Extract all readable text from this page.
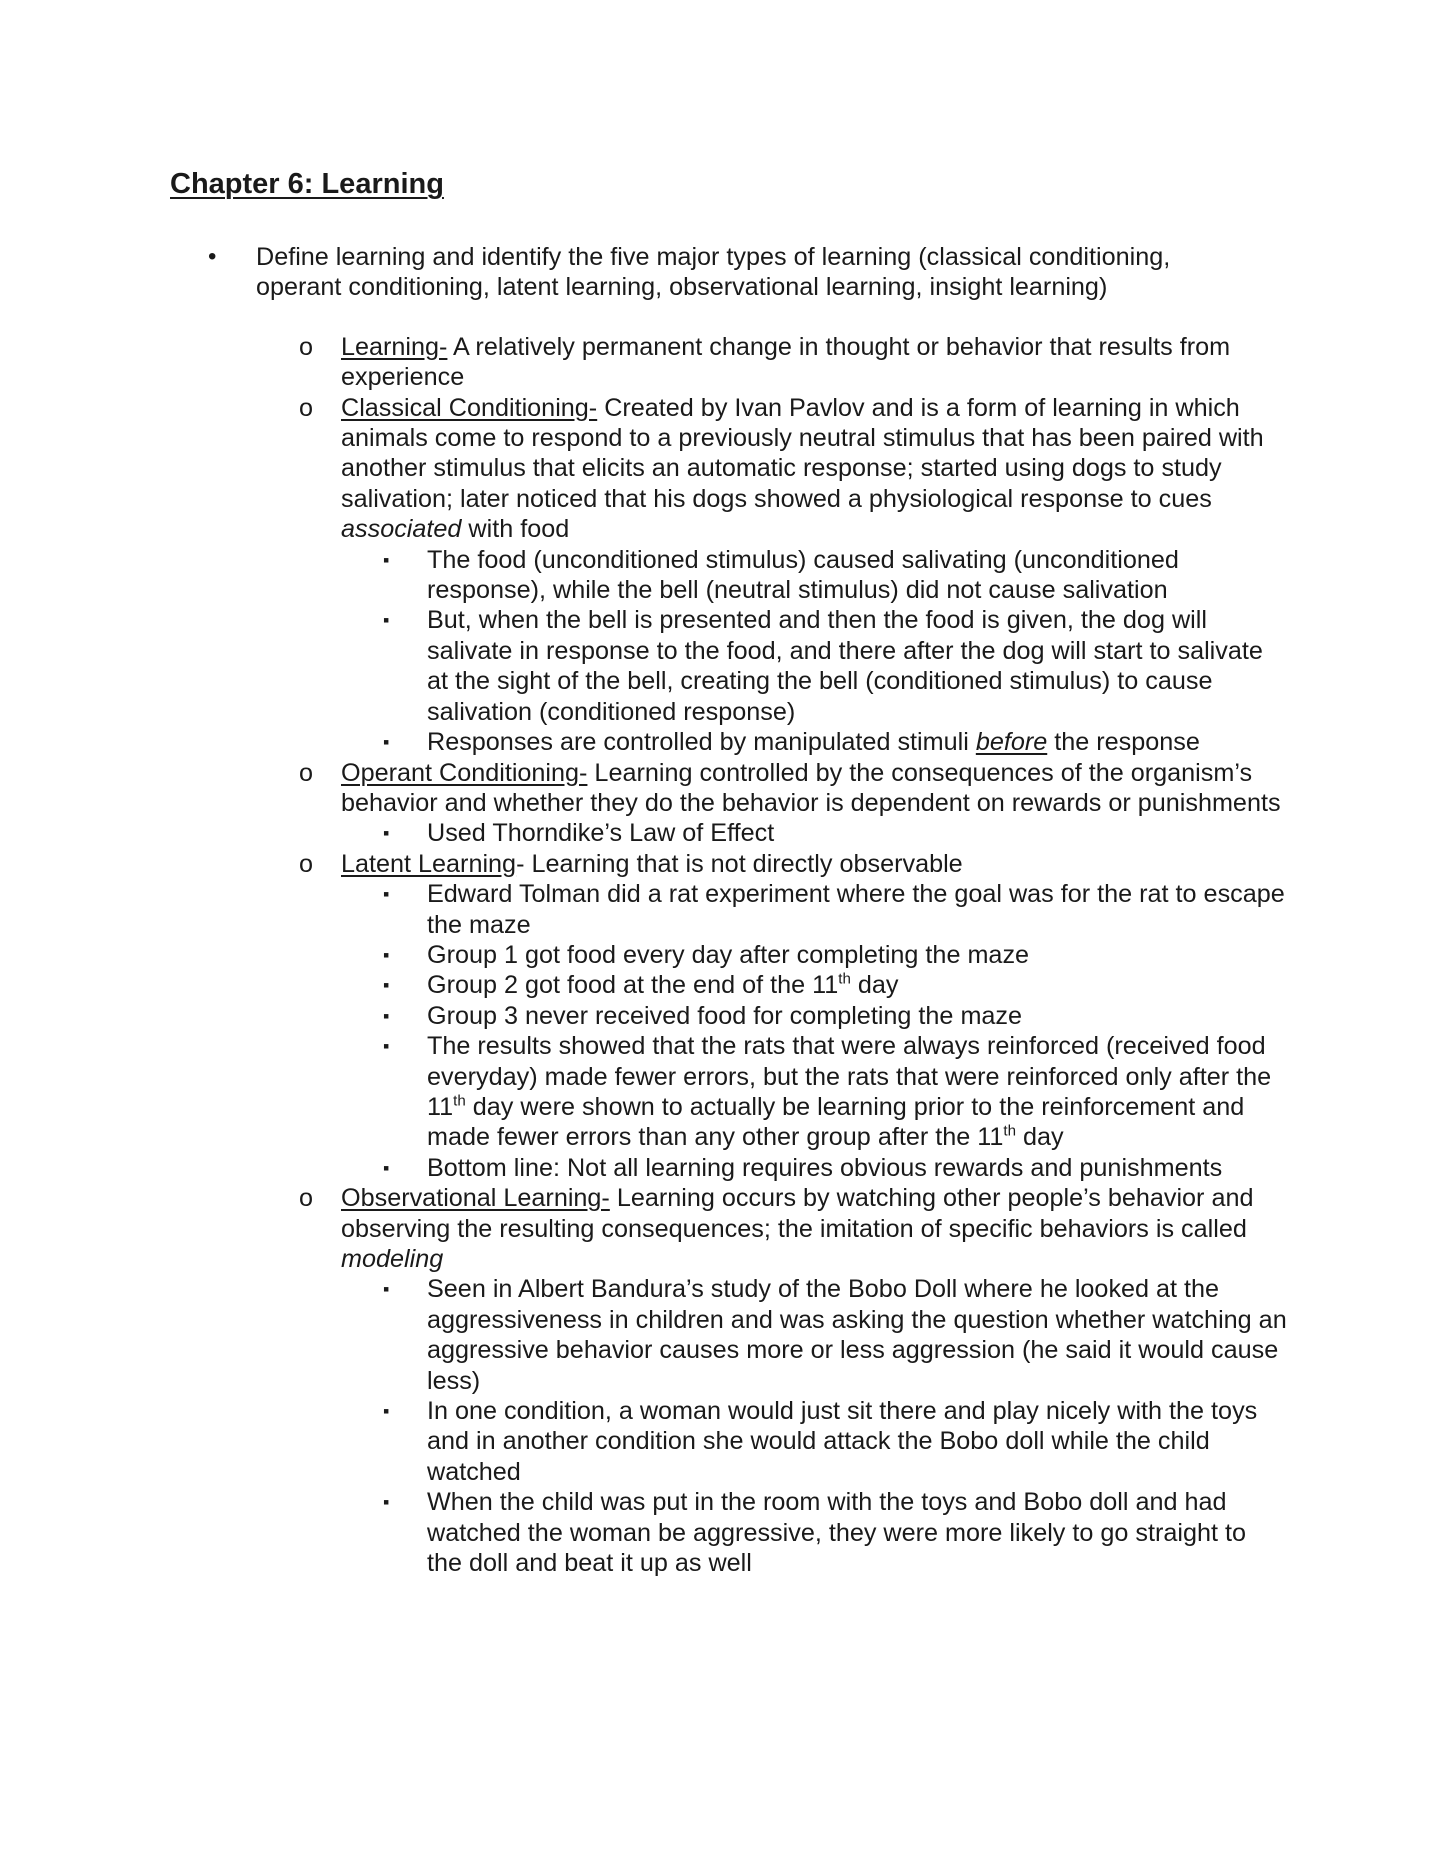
Chapter 6: Learning
• Define learning and identify the five major types of learning (classical conditioning, operant conditioning, latent learning, observational learning, insight learning)
o Learning- A relatively permanent change in thought or behavior that results from experience
o Classical Conditioning- Created by Ivan Pavlov and is a form of learning in which animals come to respond to a previously neutral stimulus that has been paired with another stimulus that elicits an automatic response; started using dogs to study salivation; later noticed that his dogs showed a physiological response to cues associated with food
▪ The food (unconditioned stimulus) caused salivating (unconditioned response), while the bell (neutral stimulus) did not cause salivation
▪ But, when the bell is presented and then the food is given, the dog will salivate in response to the food, and there after the dog will start to salivate at the sight of the bell, creating the bell (conditioned stimulus) to cause salivation (conditioned response)
▪ Responses are controlled by manipulated stimuli before the response
o Operant Conditioning- Learning controlled by the consequences of the organism’s behavior and whether they do the behavior is dependent on rewards or punishments
▪ Used Thorndike’s Law of Effect
o Latent Learning- Learning that is not directly observable
▪ Edward Tolman did a rat experiment where the goal was for the rat to escape the maze
▪ Group 1 got food every day after completing the maze
▪ Group 2 got food at the end of the 11th day
▪ Group 3 never received food for completing the maze
▪ The results showed that the rats that were always reinforced (received food everyday) made fewer errors, but the rats that were reinforced only after the 11th day were shown to actually be learning prior to the reinforcement and made fewer errors than any other group after the 11th day
▪ Bottom line: Not all learning requires obvious rewards and punishments
o Observational Learning- Learning occurs by watching other people’s behavior and observing the resulting consequences; the imitation of specific behaviors is called modeling
▪ Seen in Albert Bandura’s study of the Bobo Doll where he looked at the aggressiveness in children and was asking the question whether watching an aggressive behavior causes more or less aggression (he said it would cause less)
▪ In one condition, a woman would just sit there and play nicely with the toys and in another condition she would attack the Bobo doll while the child watched
▪ When the child was put in the room with the toys and Bobo doll and had watched the woman be aggressive, they were more likely to go straight to the doll and beat it up as well
